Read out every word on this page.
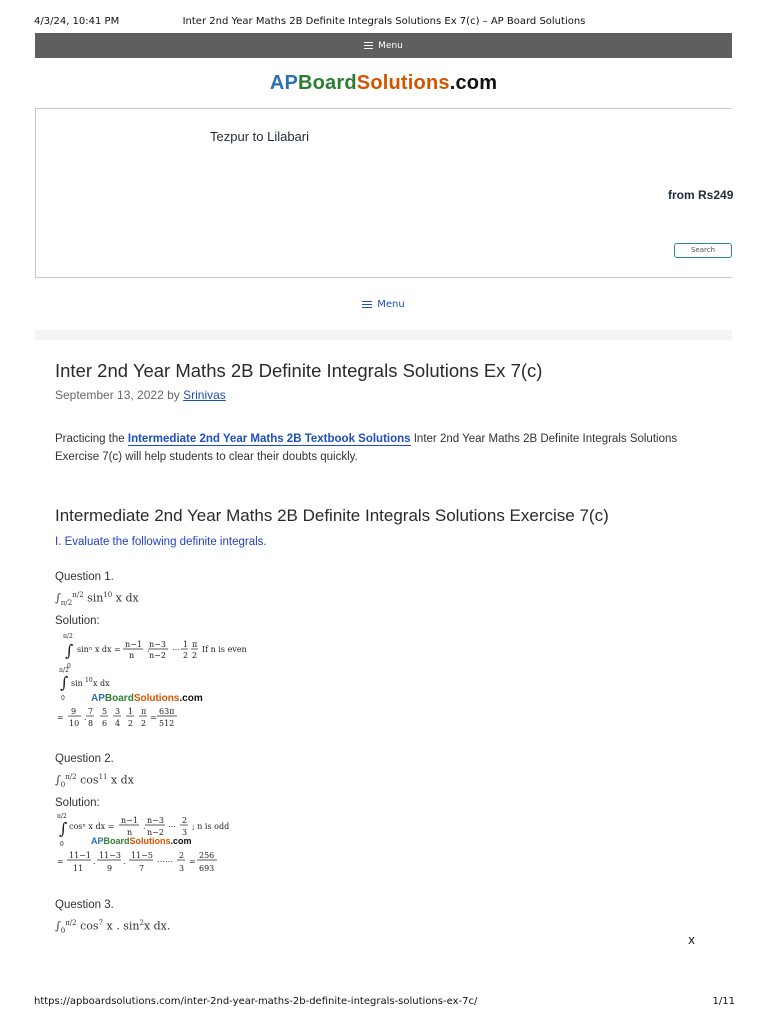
4/3/24, 10:41 PM	Inter 2nd Year Maths 2B Definite Integrals Solutions Ex 7(c) – AP Board Solutions
Menu
AP Board Solutions .com
Tezpur to Lilabari
from Rs249
Search
Menu
Inter 2nd Year Maths 2B Definite Integrals Solutions Ex 7(c)
September 13, 2022 by Srinivas

Practicing the Intermediate 2nd Year Maths 2B Textbook Solutions Inter 2nd Year Maths 2B Definite Integrals Solutions Exercise 7(c) will help students to clear their doubts quickly.

Intermediate 2nd Year Maths 2B Definite Integrals Solutions Exercise 7(c)
I. Evaluate the following definite integrals.

Question 1.

$\int_{\pi/2}^{\pi/2}$ $\sin^{10} x$ dx

Solution:

π/2
∫
0
sinⁿ x dx =
n−1
n
.
n−3
n−2
⋯
1
2
π
2
If n is even
π/2
∫
0
sin 10 x dx
APBoardSolutions.com
=
9
10
.
7
8
5
6
3
4
1
2
π
2
=
63π
512

Question 2.

$\int_0^{\pi/2}$ $\cos^{11} x$ dx

Solution:

π/2
∫
0
cosⁿ x dx =
n−1
n
.
n−3
n−2
⋯
2
3
; n is odd
APBoardSolutions.com
=
11−1
11
.
11−3
9
.
11−5
7
⋯⋯
2
3
=
256
693

Question 3.

$\int_0^{\pi/2}$ $\cos^7 x$ . $\sin^2x$ dx.
x
https://apboardsolutions.com/inter-2nd-year-maths-2b-definite-integrals-solutions-ex-7c/	1/11
